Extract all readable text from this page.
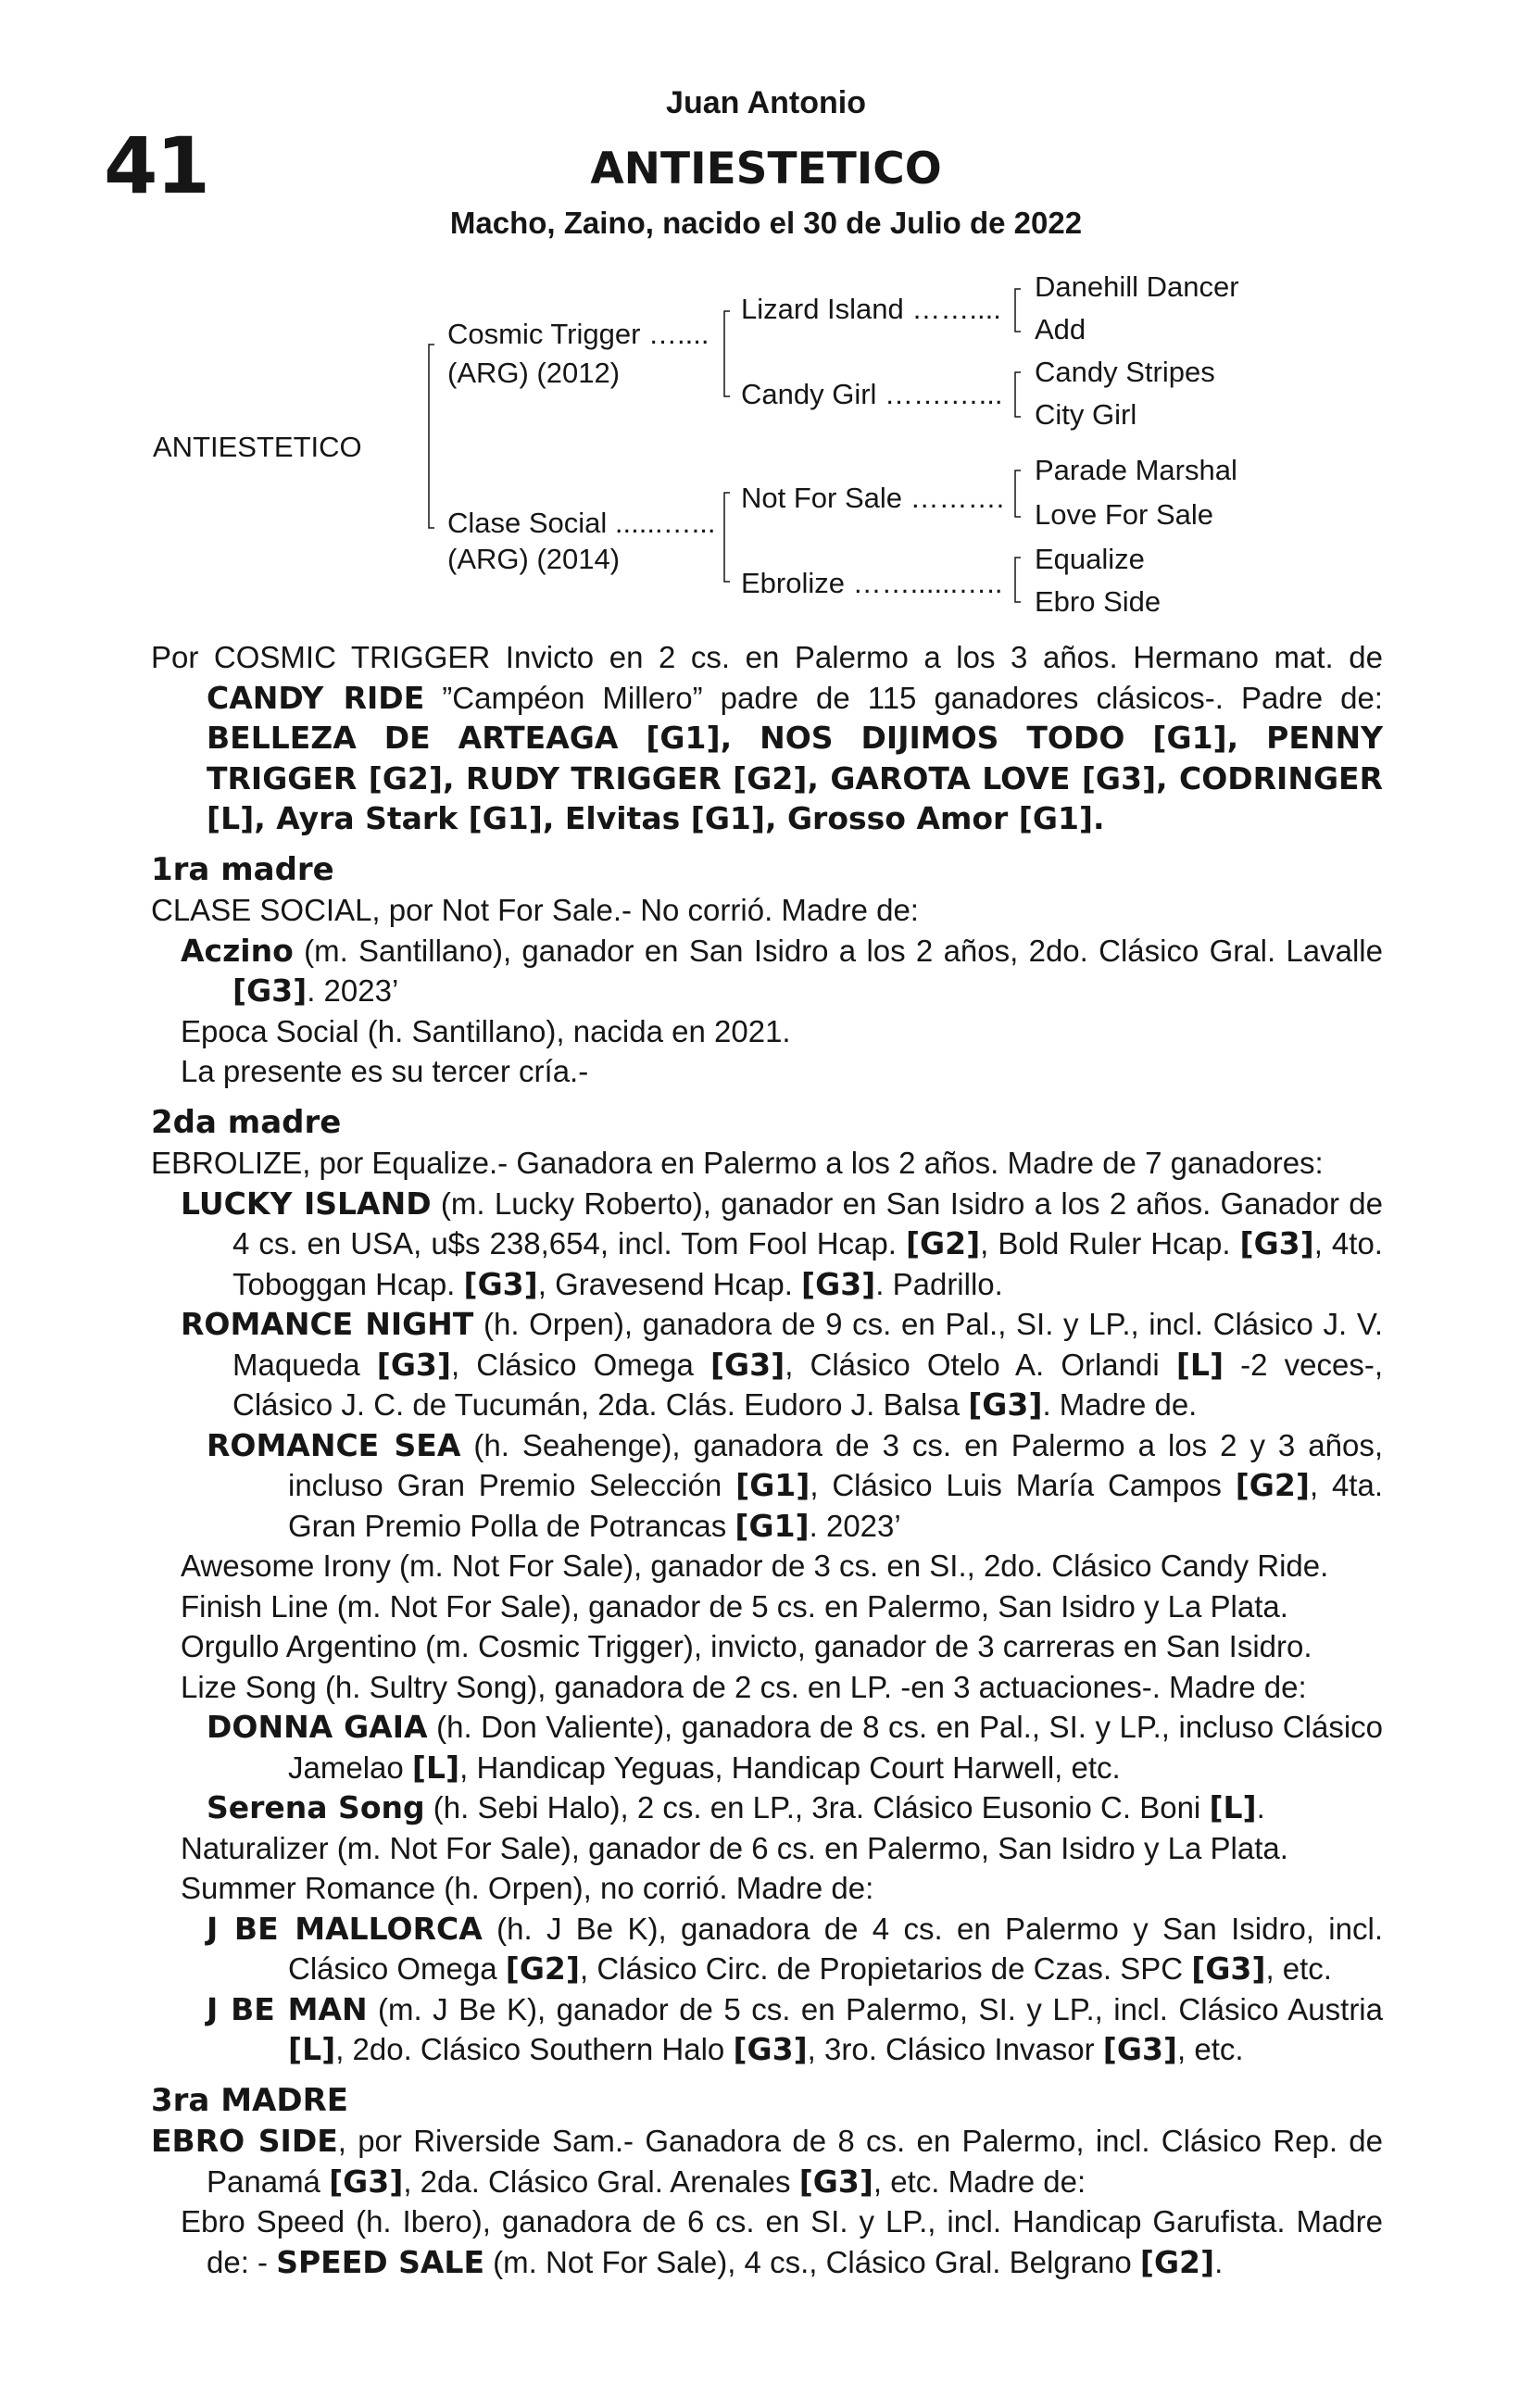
41
Juan Antonio
ANTIESTETICO
Macho, Zaino, nacido el 30 de Julio de 2022
ANTIESTETICO
Cosmic Trigger …....
(ARG) (2012)
Clase Social ......…...
(ARG) (2014)
Lizard Island ……....
Candy Girl …….…...
Not For Sale ……….
Ebrolize ……......…..
Danehill Dancer
Add
Candy Stripes
City Girl
Parade Marshal
Love For Sale
Equalize
Ebro Side

Por COSMIC TRIGGER Invicto en 2 cs. en Palermo a los 3 años. Hermano mat. de CANDY RIDE ”Campéon Millero” padre de 115 ganadores clásicos-. Padre de: BELLEZA DE ARTEAGA [G1], NOS DIJIMOS TODO [G1], PENNY TRIGGER [G2], RUDY TRIGGER [G2], GAROTA LOVE [G3], CODRINGER [L], Ayra Stark [G1], Elvitas [G1], Grosso Amor [G1].

1ra madre

CLASE SOCIAL, por Not For Sale.- No corrió. Madre de:

Aczino (m. Santillano), ganador en San Isidro a los 2 años, 2do. Clásico Gral. Lavalle [G3]. 2023’

Epoca Social (h. Santillano), nacida en 2021.

La presente es su tercer cría.-

2da madre

EBROLIZE, por Equalize.- Ganadora en Palermo a los 2 años. Madre de 7 ganadores:

LUCKY ISLAND (m. Lucky Roberto), ganador en San Isidro a los 2 años. Ganador de 4 cs. en USA, u$s 238,654, incl. Tom Fool Hcap. [G2], Bold Ruler Hcap. [G3], 4to. Toboggan Hcap. [G3], Gravesend Hcap. [G3]. Padrillo.

ROMANCE NIGHT (h. Orpen), ganadora de 9 cs. en Pal., SI. y LP., incl. Clásico J. V. Maqueda [G3], Clásico Omega [G3], Clásico Otelo A. Orlandi [L] -2 veces-, Clásico J. C. de Tucumán, 2da. Clás. Eudoro J. Balsa [G3]. Madre de.

ROMANCE SEA (h. Seahenge), ganadora de 3 cs. en Palermo a los 2 y 3 años, incluso Gran Premio Selección [G1], Clásico Luis María Campos [G2], 4ta. Gran Premio Polla de Potrancas [G1]. 2023’

Awesome Irony (m. Not For Sale), ganador de 3 cs. en SI., 2do. Clásico Candy Ride.

Finish Line (m. Not For Sale), ganador de 5 cs. en Palermo, San Isidro y La Plata.

Orgullo Argentino (m. Cosmic Trigger), invicto, ganador de 3 carreras en San Isidro.

Lize Song (h. Sultry Song), ganadora de 2 cs. en LP. -en 3 actuaciones-. Madre de:

DONNA GAIA (h. Don Valiente), ganadora de 8 cs. en Pal., SI. y LP., incluso Clásico Jamelao [L], Handicap Yeguas, Handicap Court Harwell, etc.

Serena Song (h. Sebi Halo), 2 cs. en LP., 3ra. Clásico Eusonio C. Boni [L].

Naturalizer (m. Not For Sale), ganador de 6 cs. en Palermo, San Isidro y La Plata.

Summer Romance (h. Orpen), no corrió. Madre de:

J BE MALLORCA (h. J Be K), ganadora de 4 cs. en Palermo y San Isidro, incl. Clásico Omega [G2], Clásico Circ. de Propietarios de Czas. SPC [G3], etc.

J BE MAN (m. J Be K), ganador de 5 cs. en Palermo, SI. y LP., incl. Clásico Austria [L], 2do. Clásico Southern Halo [G3], 3ro. Clásico Invasor [G3], etc.

3ra MADRE

EBRO SIDE, por Riverside Sam.- Ganadora de 8 cs. en Palermo, incl. Clásico Rep. de Panamá [G3], 2da. Clásico Gral. Arenales [G3], etc. Madre de:

Ebro Speed (h. Ibero), ganadora de 6 cs. en SI. y LP., incl. Handicap Garufista. Madre de: - SPEED SALE (m. Not For Sale), 4 cs., Clásico Gral. Belgrano [G2].
